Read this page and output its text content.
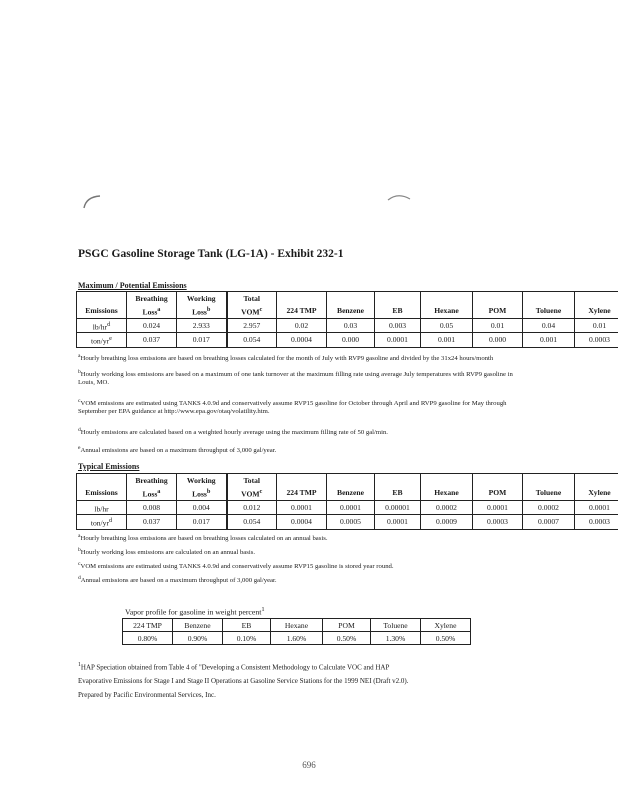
PSGC Gasoline Storage Tank (LG-1A) - Exhibit 232-1
Maximum / Potential Emissions
	Breathing	Working	Total							
Emissions	Loss$^a$	Loss$^b$	VOM$^c$	224 TMP	Benzene	EB	Hexane	POM	Toluene	Xylene
$lb/hr^d$	0.024	2.933	2.957	0.02	0.03	0.003	0.05	0.01	0.04	0.01
ton/$yr^e$	0.037	0.017	0.054	0.0004	0.000	0.0001	0.001	0.000	0.001	0.0003
$^a$Hourly breathing loss emissions are based on breathing losses calculated for the month of July with RVP9 gasoline and divided by the 31x24 hours/month
$^b$Hourly working loss emissions are based on a maximum of one tank turnover at the maximum filling rate using average July temperatures with RVP9 gasoline in
Louis, MO.
$^c$VOM emissions are estimated using TANKS 4.0.9d and conservatively assume RVP15 gasoline for October through April and RVP9 gasoline for May through
September per EPA guidance at http://www.epa.gov/otaq/volatility.htm.
$^d$Hourly emissions are calculated based on a weighted hourly average using the maximum filling rate of 50 gal/min.
$^e$Annual emissions are based on a maximum throughput of 3,000 gal/year.
Typical Emissions
	Breathing	Working	Total							
Emissions	Loss$^a$	Loss$^b$	VOM$^c$	224 TMP	Benzene	EB	Hexane	POM	Toluene	Xylene
lb/hr	0.008	0.004	0.012	0.0001	0.0001	0.00001	0.0002	0.0001	0.0002	0.0001
ton/$yr^d$	0.037	0.017	0.054	0.0004	0.0005	0.0001	0.0009	0.0003	0.0007	0.0003
$^a$Hourly breathing loss emissions are based on breathing losses calculated on an annual basis.
$^b$Hourly working loss emissions are calculated on an annual basis.
$^c$VOM emissions are estimated using TANKS 4.0.9d and conservatively assume RVP15 gasoline is stored year round.
$^d$Annual emissions are based on a maximum throughput of 3,000 gal/year.
Vapor profile for gasoline in weight percent$^1$
224 TMP	Benzene	EB	Hexane	POM	Toluene	Xylene
0.80%	0.90%	0.10%	1.60%	0.50%	1.30%	0.50%
$^1$HAP Speciation obtained from Table 4 of "Developing a Consistent Methodology to Calculate VOC and HAP
Evaporative Emissions for Stage I and Stage II Operations at Gasoline Service Stations for the 1999 NEI (Draft v2.0).
Prepared by Pacific Environmental Services, Inc.
696
